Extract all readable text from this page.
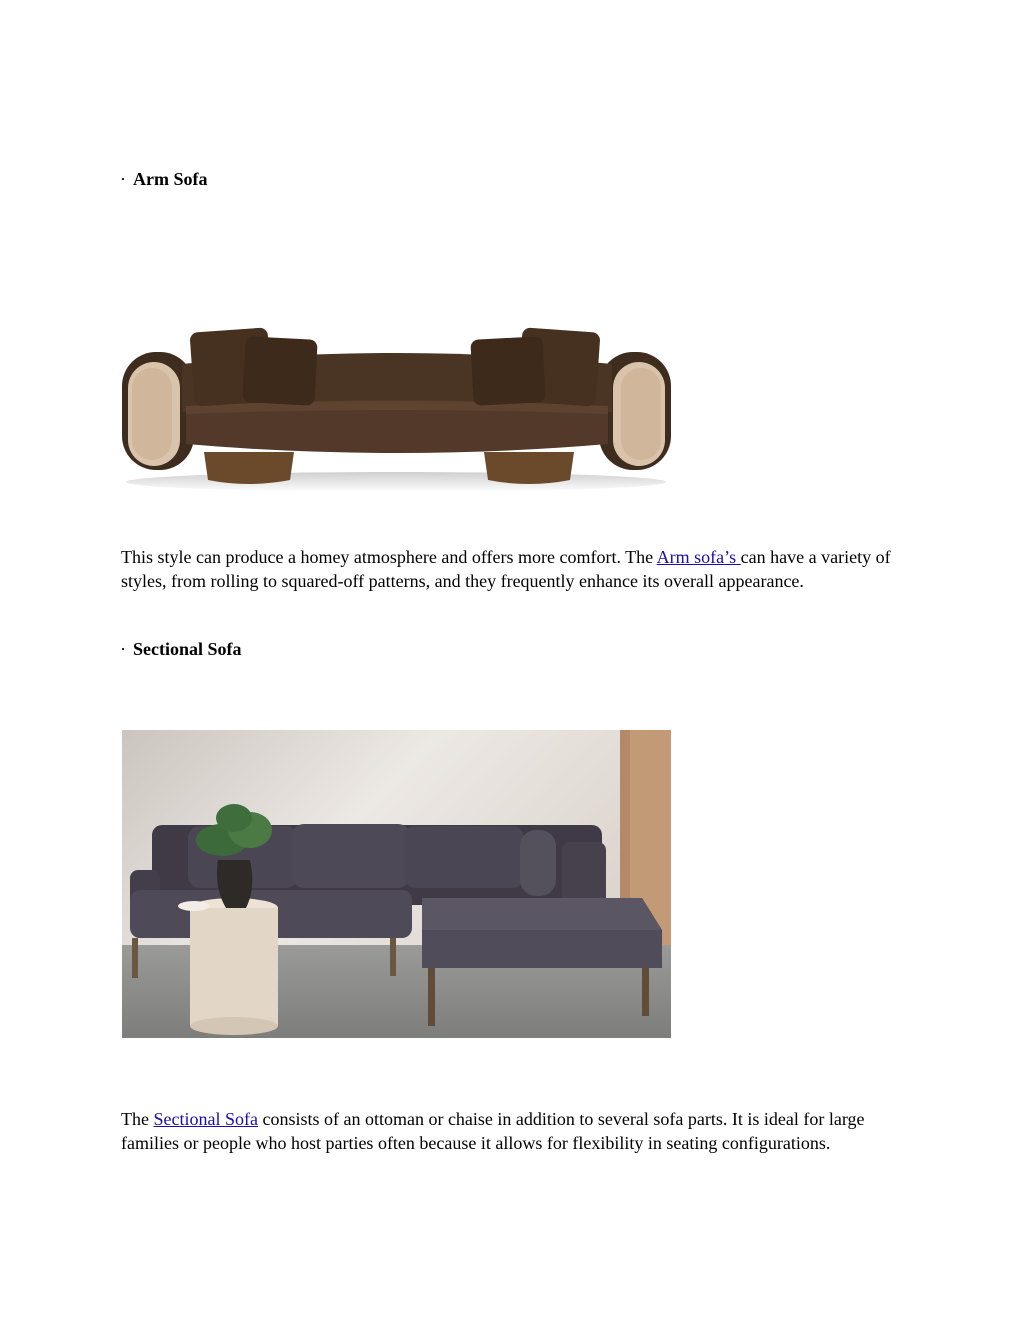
· Arm Sofa

This style can produce a homey atmosphere and offers more comfort. The Arm sofa’s can have a variety of styles, from rolling to squared-off patterns, and they frequently enhance its overall appearance.

· Sectional Sofa

The Sectional Sofa consists of an ottoman or chaise in addition to several sofa parts. It is ideal for large families or people who host parties often because it allows for flexibility in seating configurations.
